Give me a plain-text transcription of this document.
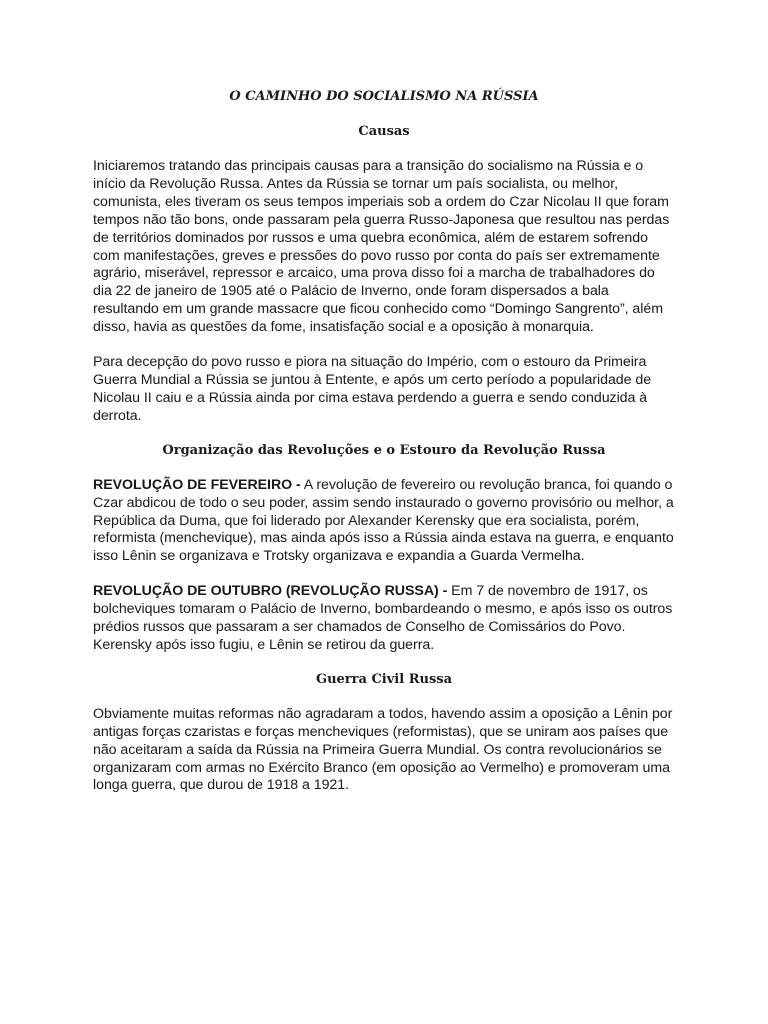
O CAMINHO DO SOCIALISMO NA RÚSSIA
Causas

Iniciaremos tratando das principais causas para a transição do socialismo na Rússia e o início da Revolução Russa. Antes da Rússia se tornar um país socialista, ou melhor, comunista, eles tiveram os seus tempos imperiais sob a ordem do Czar Nicolau II que foram tempos não tão bons, onde passaram pela guerra Russo-Japonesa que resultou nas perdas de territórios dominados por russos e uma quebra econômica, além de estarem sofrendo com manifestações, greves e pressões do povo russo por conta do país ser extremamente agrário, miserável, repressor e arcaico, uma prova disso foi a marcha de trabalhadores do dia 22 de janeiro de 1905 até o Palácio de Inverno, onde foram dispersados a bala resultando em um grande massacre que ficou conhecido como “Domingo Sangrento”, além disso, havia as questões da fome, insatisfação social e a oposição à monarquia.

Para decepção do povo russo e piora na situação do Império, com o estouro da Primeira Guerra Mundial a Rússia se juntou à Entente, e após um certo período a popularidade de Nicolau II caiu e a Rússia ainda por cima estava perdendo a guerra e sendo conduzida à derrota.

Organização das Revoluções e o Estouro da Revolução Russa

REVOLUÇÃO DE FEVEREIRO - A revolução de fevereiro ou revolução branca, foi quando o Czar abdicou de todo o seu poder, assim sendo instaurado o governo provisório ou melhor, a República da Duma, que foi liderado por Alexander Kerensky que era socialista, porém, reformista (menchevique), mas ainda após isso a Rússia ainda estava na guerra, e enquanto isso Lênin se organizava e Trotsky organizava e expandia a Guarda Vermelha.

REVOLUÇÃO DE OUTUBRO (REVOLUÇÃO RUSSA) - Em 7 de novembro de 1917, os bolcheviques tomaram o Palácio de Inverno, bombardeando o mesmo, e após isso os outros prédios russos que passaram a ser chamados de Conselho de Comissários do Povo. Kerensky após isso fugiu, e Lênin se retirou da guerra.

Guerra Civil Russa

Obviamente muitas reformas não agradaram a todos, havendo assim a oposição a Lênin por antigas forças czaristas e forças mencheviques (reformistas), que se uniram aos países que não aceitaram a saída da Rússia na Primeira Guerra Mundial. Os contra revolucionários se organizaram com armas no Exército Branco (em oposição ao Vermelho) e promoveram uma longa guerra, que durou de 1918 a 1921.
